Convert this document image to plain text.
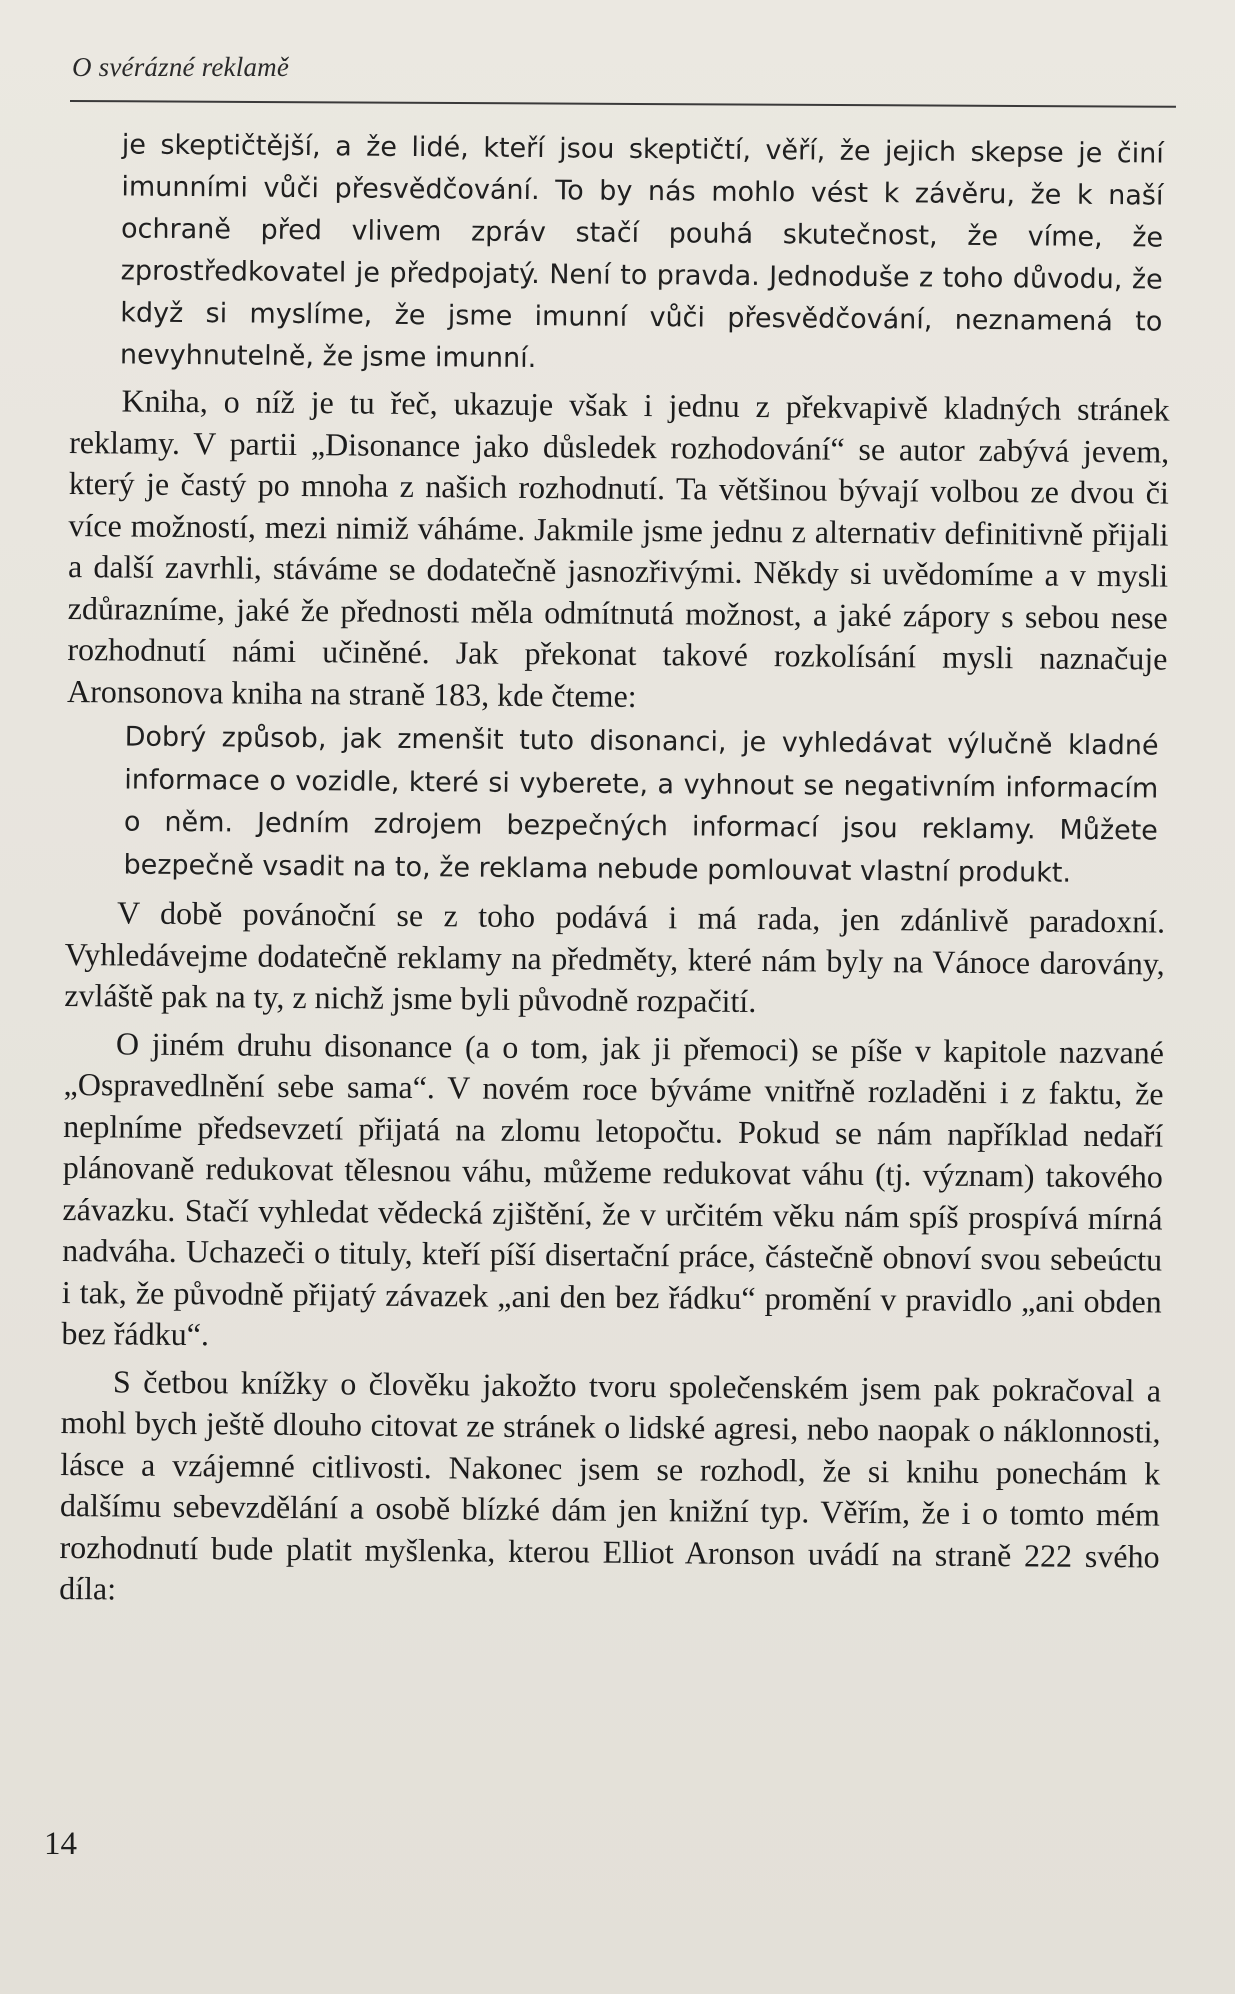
O svérázné reklamě

je skeptičtější, a že lidé, kteří jsou skeptičtí, věří, že jejich skepse je činí imunními vůči přesvědčování. To by nás mohlo vést k závěru, že k naší ochraně před vlivem zpráv stačí pouhá skutečnost, že víme, že zprostředkovatel je předpojatý. Není to pravda. Jednoduše z toho důvodu, že když si myslíme, že jsme imunní vůči přesvědčování, neznamená to nevyhnutelně, že jsme imunní.

Kniha, o níž je tu řeč, ukazuje však i jednu z překvapivě kladných stránek reklamy. V partii „Disonance jako důsledek rozhodování“ se autor zabývá jevem, který je častý po mnoha z našich rozhodnutí. Ta většinou bývají volbou ze dvou či více možností, mezi nimiž váháme. Jakmile jsme jednu z alternativ definitivně přijali a další zavrhli, stáváme se dodatečně jasnozřivými. Někdy si uvědomíme a v mysli zdůrazníme, jaké že přednosti měla odmítnutá možnost, a jaké zápory s sebou nese rozhodnutí námi učiněné. Jak překonat takové rozkolísání mysli naznačuje Aronsonova kniha na straně 183, kde čteme:

Dobrý způsob, jak zmenšit tuto disonanci, je vyhledávat výlučně kladné informace o vozidle, které si vyberete, a vyhnout se negativním informacím o něm. Jedním zdrojem bezpečných informací jsou reklamy. Můžete bezpečně vsadit na to, že reklama nebude pomlouvat vlastní produkt.

V době povánoční se z toho podává i má rada, jen zdánlivě paradoxní. Vyhledávejme dodatečně reklamy na předměty, které nám byly na Vánoce darovány, zvláště pak na ty, z nichž jsme byli původně rozpačití.

O jiném druhu disonance (a o tom, jak ji přemoci) se píše v kapitole nazvané „Ospravedlnění sebe sama“. V novém roce býváme vnitřně rozladěni i z faktu, že neplníme předsevzetí přijatá na zlomu letopočtu. Pokud se nám například nedaří plánovaně redukovat tělesnou váhu, můžeme redukovat váhu (tj. význam) takového závazku. Stačí vyhledat vědecká zjištění, že v určitém věku nám spíš prospívá mírná nadváha. Uchazeči o tituly, kteří píší disertační práce, částečně obnoví svou sebeúctu i tak, že původně přijatý závazek „ani den bez řádku“ promění v pravidlo „ani obden bez řádku“.

S četbou knížky o člověku jakožto tvoru společenském jsem pak pokračoval a mohl bych ještě dlouho citovat ze stránek o lidské agresi, nebo naopak o náklonnosti, lásce a vzájemné citlivosti. Nakonec jsem se rozhodl, že si knihu ponechám k dalšímu sebevzdělání a osobě blízké dám jen knižní typ. Věřím, že i o tomto mém rozhodnutí bude platit myšlenka, kterou Elliot Aronson uvádí na straně 222 svého díla:

14
